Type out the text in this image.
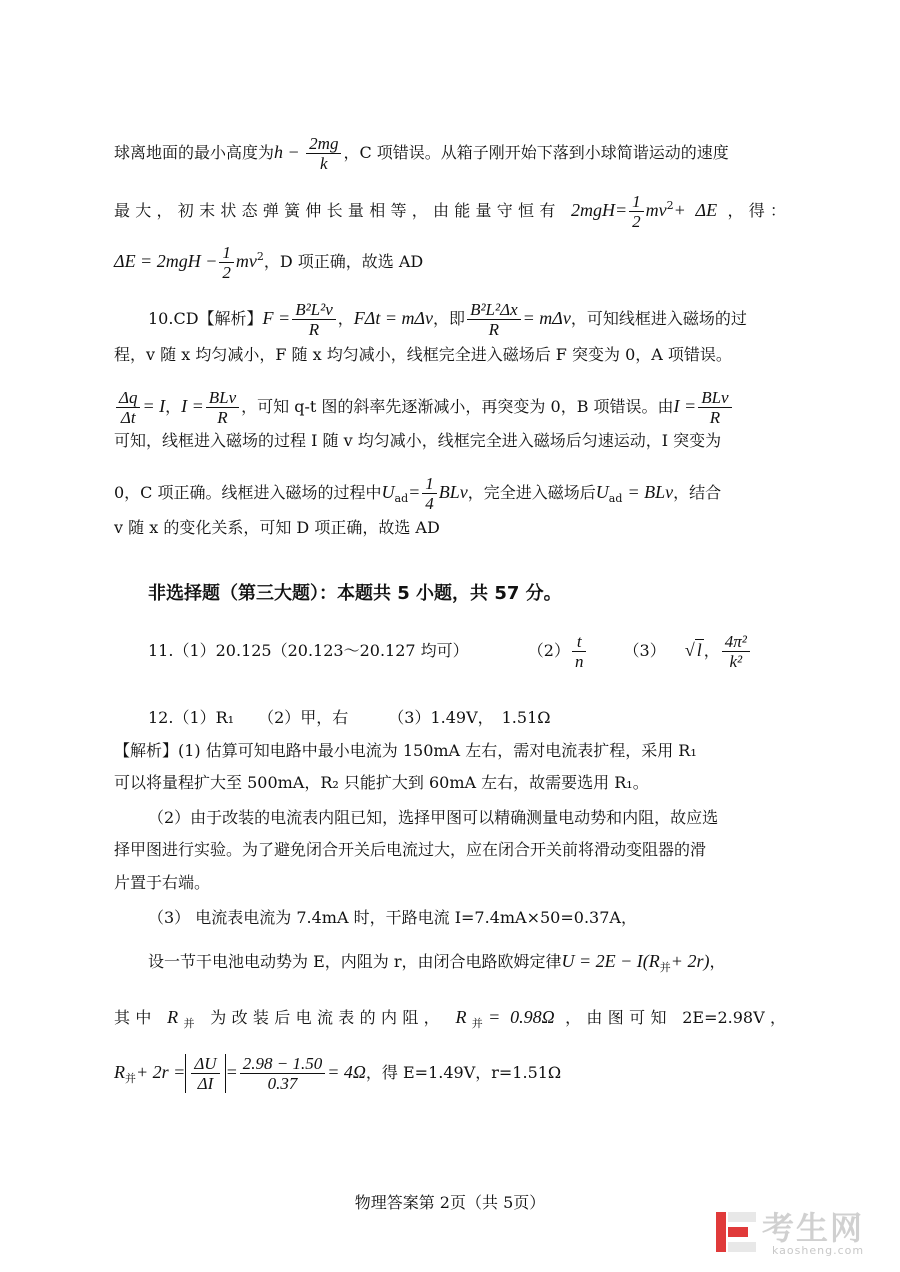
球离地面的最小高度为$h - \frac{2mg}{k}$ ，C 项错误。从箱子刚开始下落到小球简谐运动的速度
最大，初末状态弹簧伸长量相等，由能量守恒有 $2mgH= \frac{1}{2} mv^2+ \Delta E$ ，得：
$\Delta E = 2mgH - \frac{1}{2} mv^2$，D 项正确，故选 AD
10.CD【解析】$F = \frac{\text{B²L²v}}{R}$ ，FΔt = mΔv，即 $\frac{\text{B²L²Δx}}{R} = m\Delta v$，可知线框进入磁场的过
程，v 随 x 均匀减小，F 随 x 均匀减小，线框完全进入磁场后 F 突变为 0，A 项错误。
$\frac{\Delta q}{\Delta t} = I$，$I = \frac{\text{BLv}}{R}$ ，可知 q-t 图的斜率先逐渐减小，再突变为 0，B 项错误。由$I = \frac{\text{BLv}}{R}$
可知，线框进入磁场的过程 I 随 v 均匀减小，线框完全进入磁场后匀速运动，I 突变为
0，C 项正确。线框进入磁场的过程中$U_{ad}= \frac{1}{4}$ BLv，完全进入磁场后$U_{ad}$ = BLv，结合
v 随 x 的变化关系，可知 D 项正确，故选 AD
非选择题（第三大题）：本题共 5 小题，共 57 分。
11.（1）20.125（20.123～20.127 均可）	$(2) \frac{t}{n} (3)$ √ l ， $\frac{\text{4π²}}{\text{k²}}$
12.（1）R₁　　（2）甲，右　　　（3）1.49V，　1.51Ω
【解析】(1) 估算可知电路中最小电流为 150mA 左右，需对电流表扩程，采用 R₁
可以将量程扩大至 500mA，R₂ 只能扩大到 60mA 左右，故需要选用 R₁。
（2）由于改装的电流表内阻已知，选择甲图可以精确测量电动势和内阻，故应选
择甲图进行实验。为了避免闭合开关后电流过大，应在闭合开关前将滑动变阻器的滑
片置于右端。
（3） 电流表电流为 7.4mA 时，干路电流 I=7.4mA×50=0.37A，
设一节干电池电动势为 E，内阻为 r，由闭合电路欧姆定律$U = 2E - I(R_并+ 2r)$，
其中 $R_并$ 为改装后电流表的内阻， $R_并= 0.98\Omega$ ，由图可知 2E=2.98V，
$R_并+ 2r = \frac{\Delta U}{\Delta I} = \frac{2.98 - 1.50}{0.37} = 4\Omega$，得 E=1.49V，r=1.51Ω
物理答案第 2页（共 5页）
考生网
kaosheng.com
